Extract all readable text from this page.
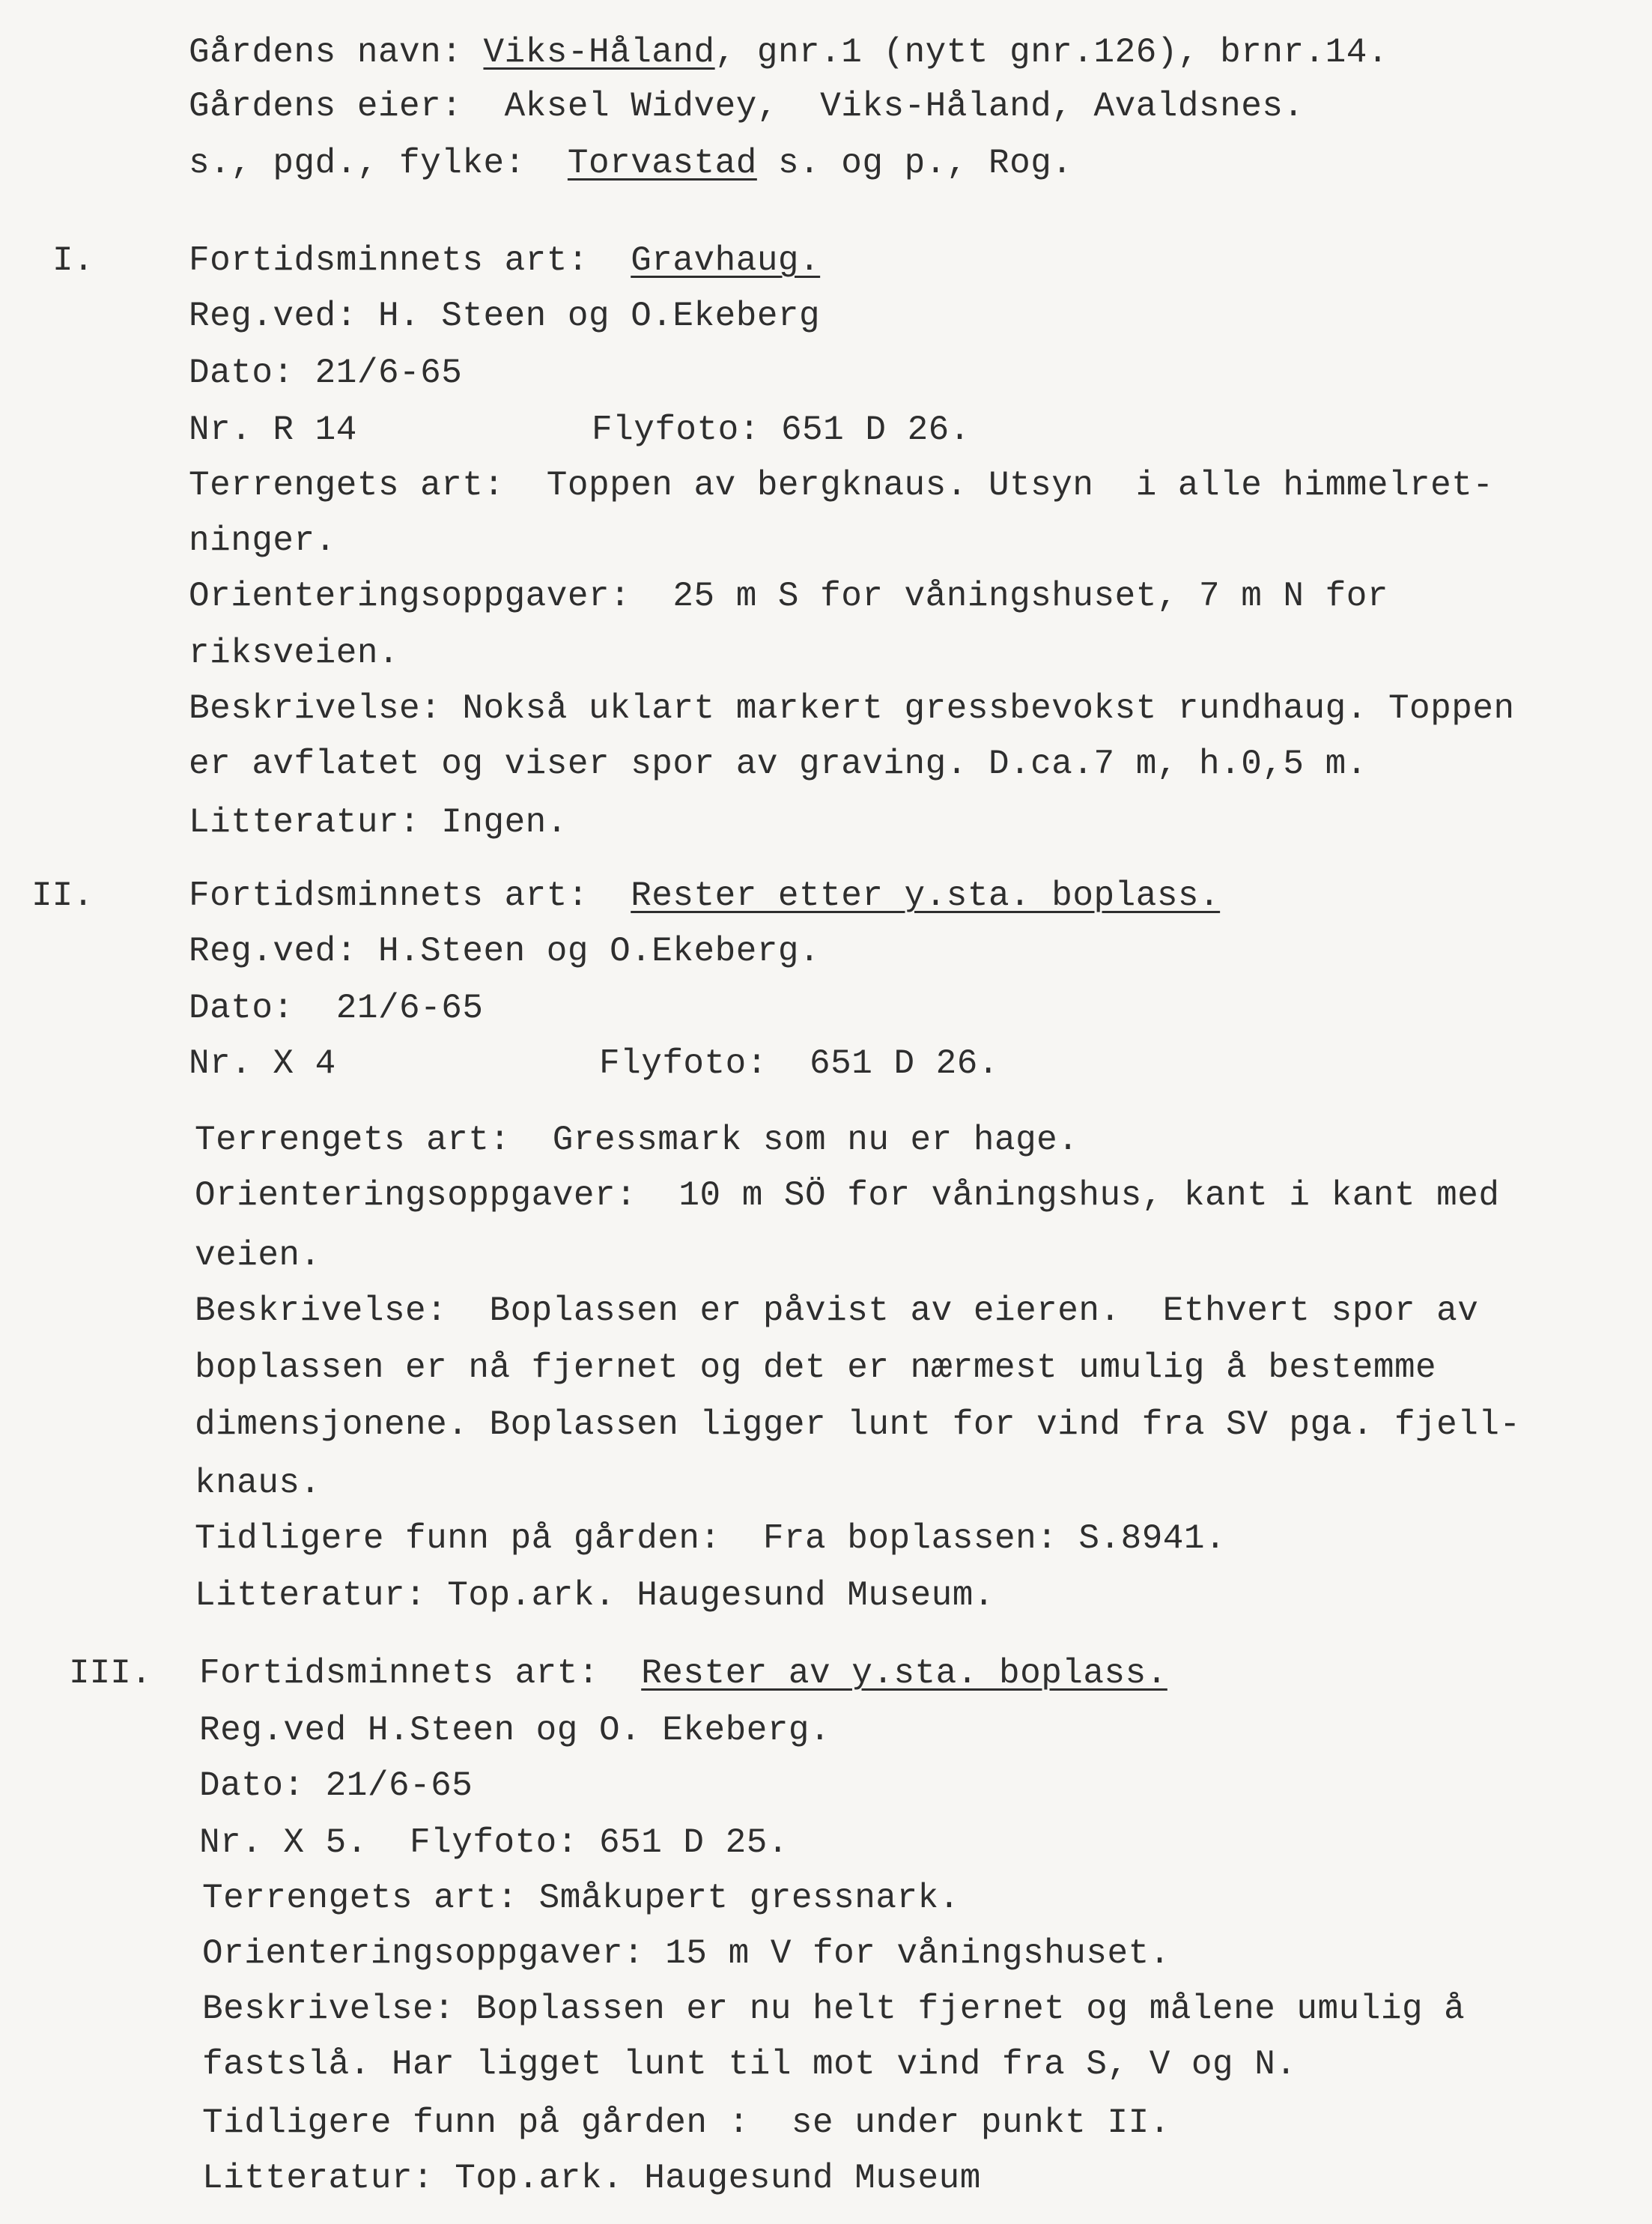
Gårdens navn: Viks-Håland, gnr.1 (nytt gnr.126), brnr.14.
Gårdens eier:  Aksel Widvey,  Viks-Håland, Avaldsnes.
s., pgd., fylke:  Torvastad s. og p., Rog.
I.	Fortidsminnets art:  Gravhaug.
Reg.ved: H. Steen og O.Ekeberg
Dato: 21/6-65
Nr. R 14	Flyfoto: 651 D 26.
Terrengets art:  Toppen av bergknaus. Utsyn  i alle himmelret-
ninger.
Orienteringsoppgaver:  25 m S for våningshuset, 7 m N for
riksveien.
Beskrivelse: Nokså uklart markert gressbevokst rundhaug. Toppen
er avflatet og viser spor av graving. D.ca.7 m, h.0,5 m.
Litteratur: Ingen.
II.	Fortidsminnets art:  Rester etter y.sta. boplass.
Reg.ved: H.Steen og O.Ekeberg.
Dato:  21/6-65
Nr. X 4	Flyfoto:  651 D 26.
Terrengets art:  Gressmark som nu er hage.
Orienteringsoppgaver:  10 m SÖ for våningshus, kant i kant med
veien.
Beskrivelse:  Boplassen er påvist av eieren.  Ethvert spor av
boplassen er nå fjernet og det er nærmest umulig å bestemme
dimensjonene. Boplassen ligger lunt for vind fra SV pga. fjell-
knaus.
Tidligere funn på gården:  Fra boplassen: S.8941.
Litteratur: Top.ark. Haugesund Museum.
III. Fortidsminnets art:  Rester av y.sta. boplass.
Reg.ved H.Steen og O. Ekeberg.
Dato: 21/6-65
Nr. X 5.  Flyfoto: 651 D 25.
Terrengets art: Småkupert gressnark.
Orienteringsoppgaver: 15 m V for våningshuset.
Beskrivelse: Boplassen er nu helt fjernet og målene umulig å
fastslå. Har ligget lunt til mot vind fra S, V og N.
Tidligere funn på gården :  se under punkt II.
Litteratur: Top.ark. Haugesund Museum
